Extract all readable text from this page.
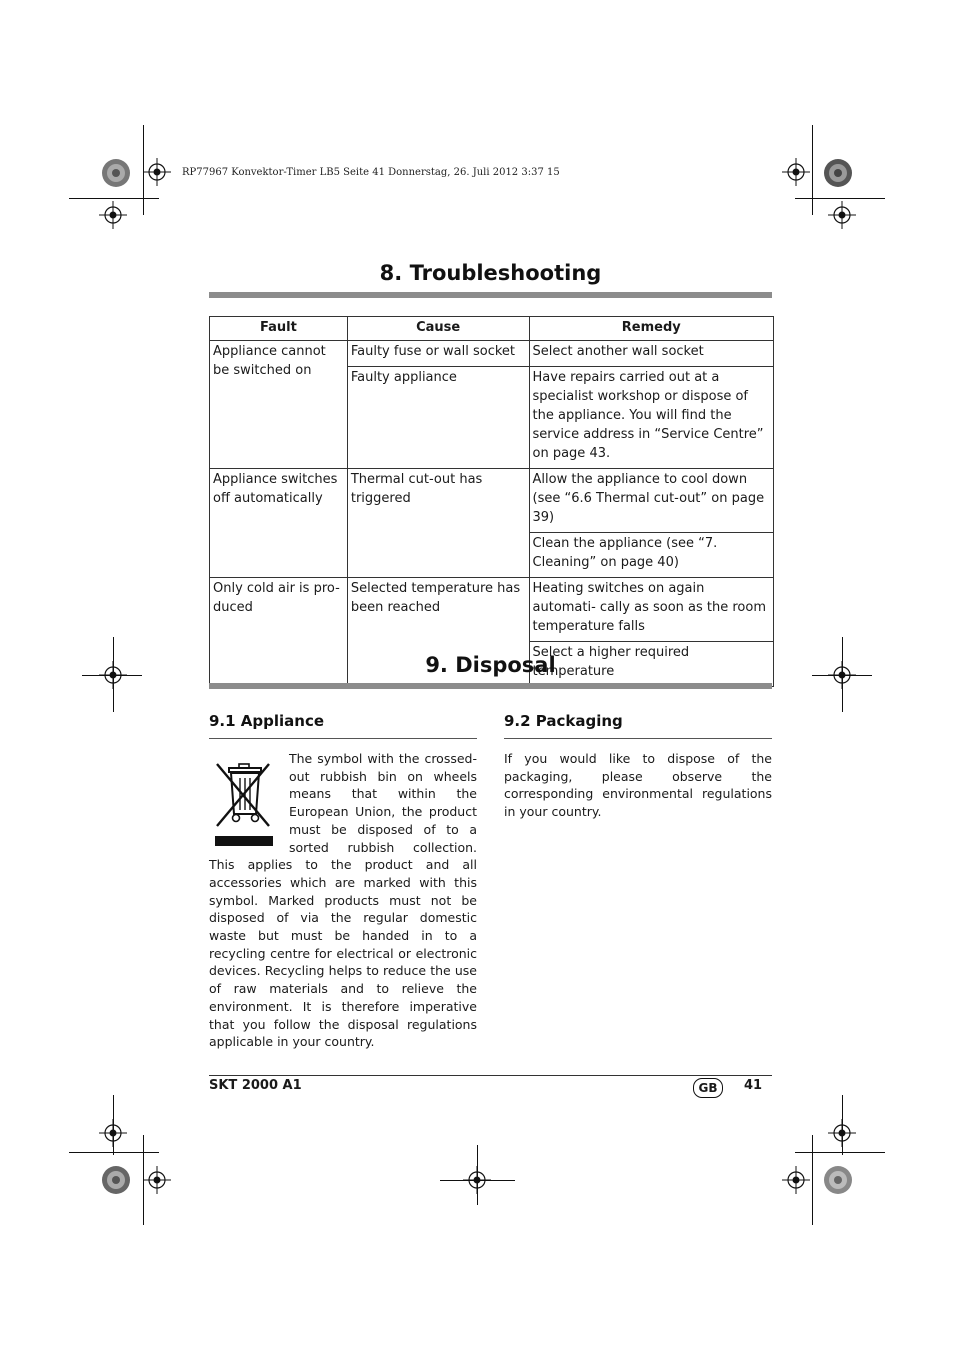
RP77967 Konvektor-Timer LB5 Seite 41 Donnerstag, 26. Juli 2012 3:37 15
8. Troubleshooting
Fault	Cause	Remedy
Appliance cannot be switched on	Faulty fuse or wall socket	Select another wall socket
	Faulty appliance	Have repairs carried out at a specialist workshop or dispose of the appliance. You will find the service address in “Service Centre” on page 43.
Appliance switches off automatically	Thermal cut-out has triggered	Allow the appliance to cool down (see “6.6 Thermal cut-out” on page 39)
		Clean the appliance (see “7. Cleaning” on page 40)
Only cold air is pro- duced	Selected temperature has been reached	Heating switches on again automati- cally as soon as the room temperature falls
		Select a higher required temperature
9. Disposal
9.1 Appliance
The symbol with the crossed-out rubbish bin on wheels means that within the European Union, the product must be disposed of to a sorted rubbish collection. This applies to the product and all accessories which are marked with this symbol. Marked products must not be disposed of via the regular domestic waste but must be handed in to a recycling centre for electrical or electronic devices. Recycling helps to reduce the use of raw materials and to relieve the environment. It is therefore imperative that you follow the disposal regulations applicable in your country.
9.2 Packaging
If you would like to dispose of the packaging, please observe the corresponding environmental regulations in your country.
SKT 2000 A1	GB	41
